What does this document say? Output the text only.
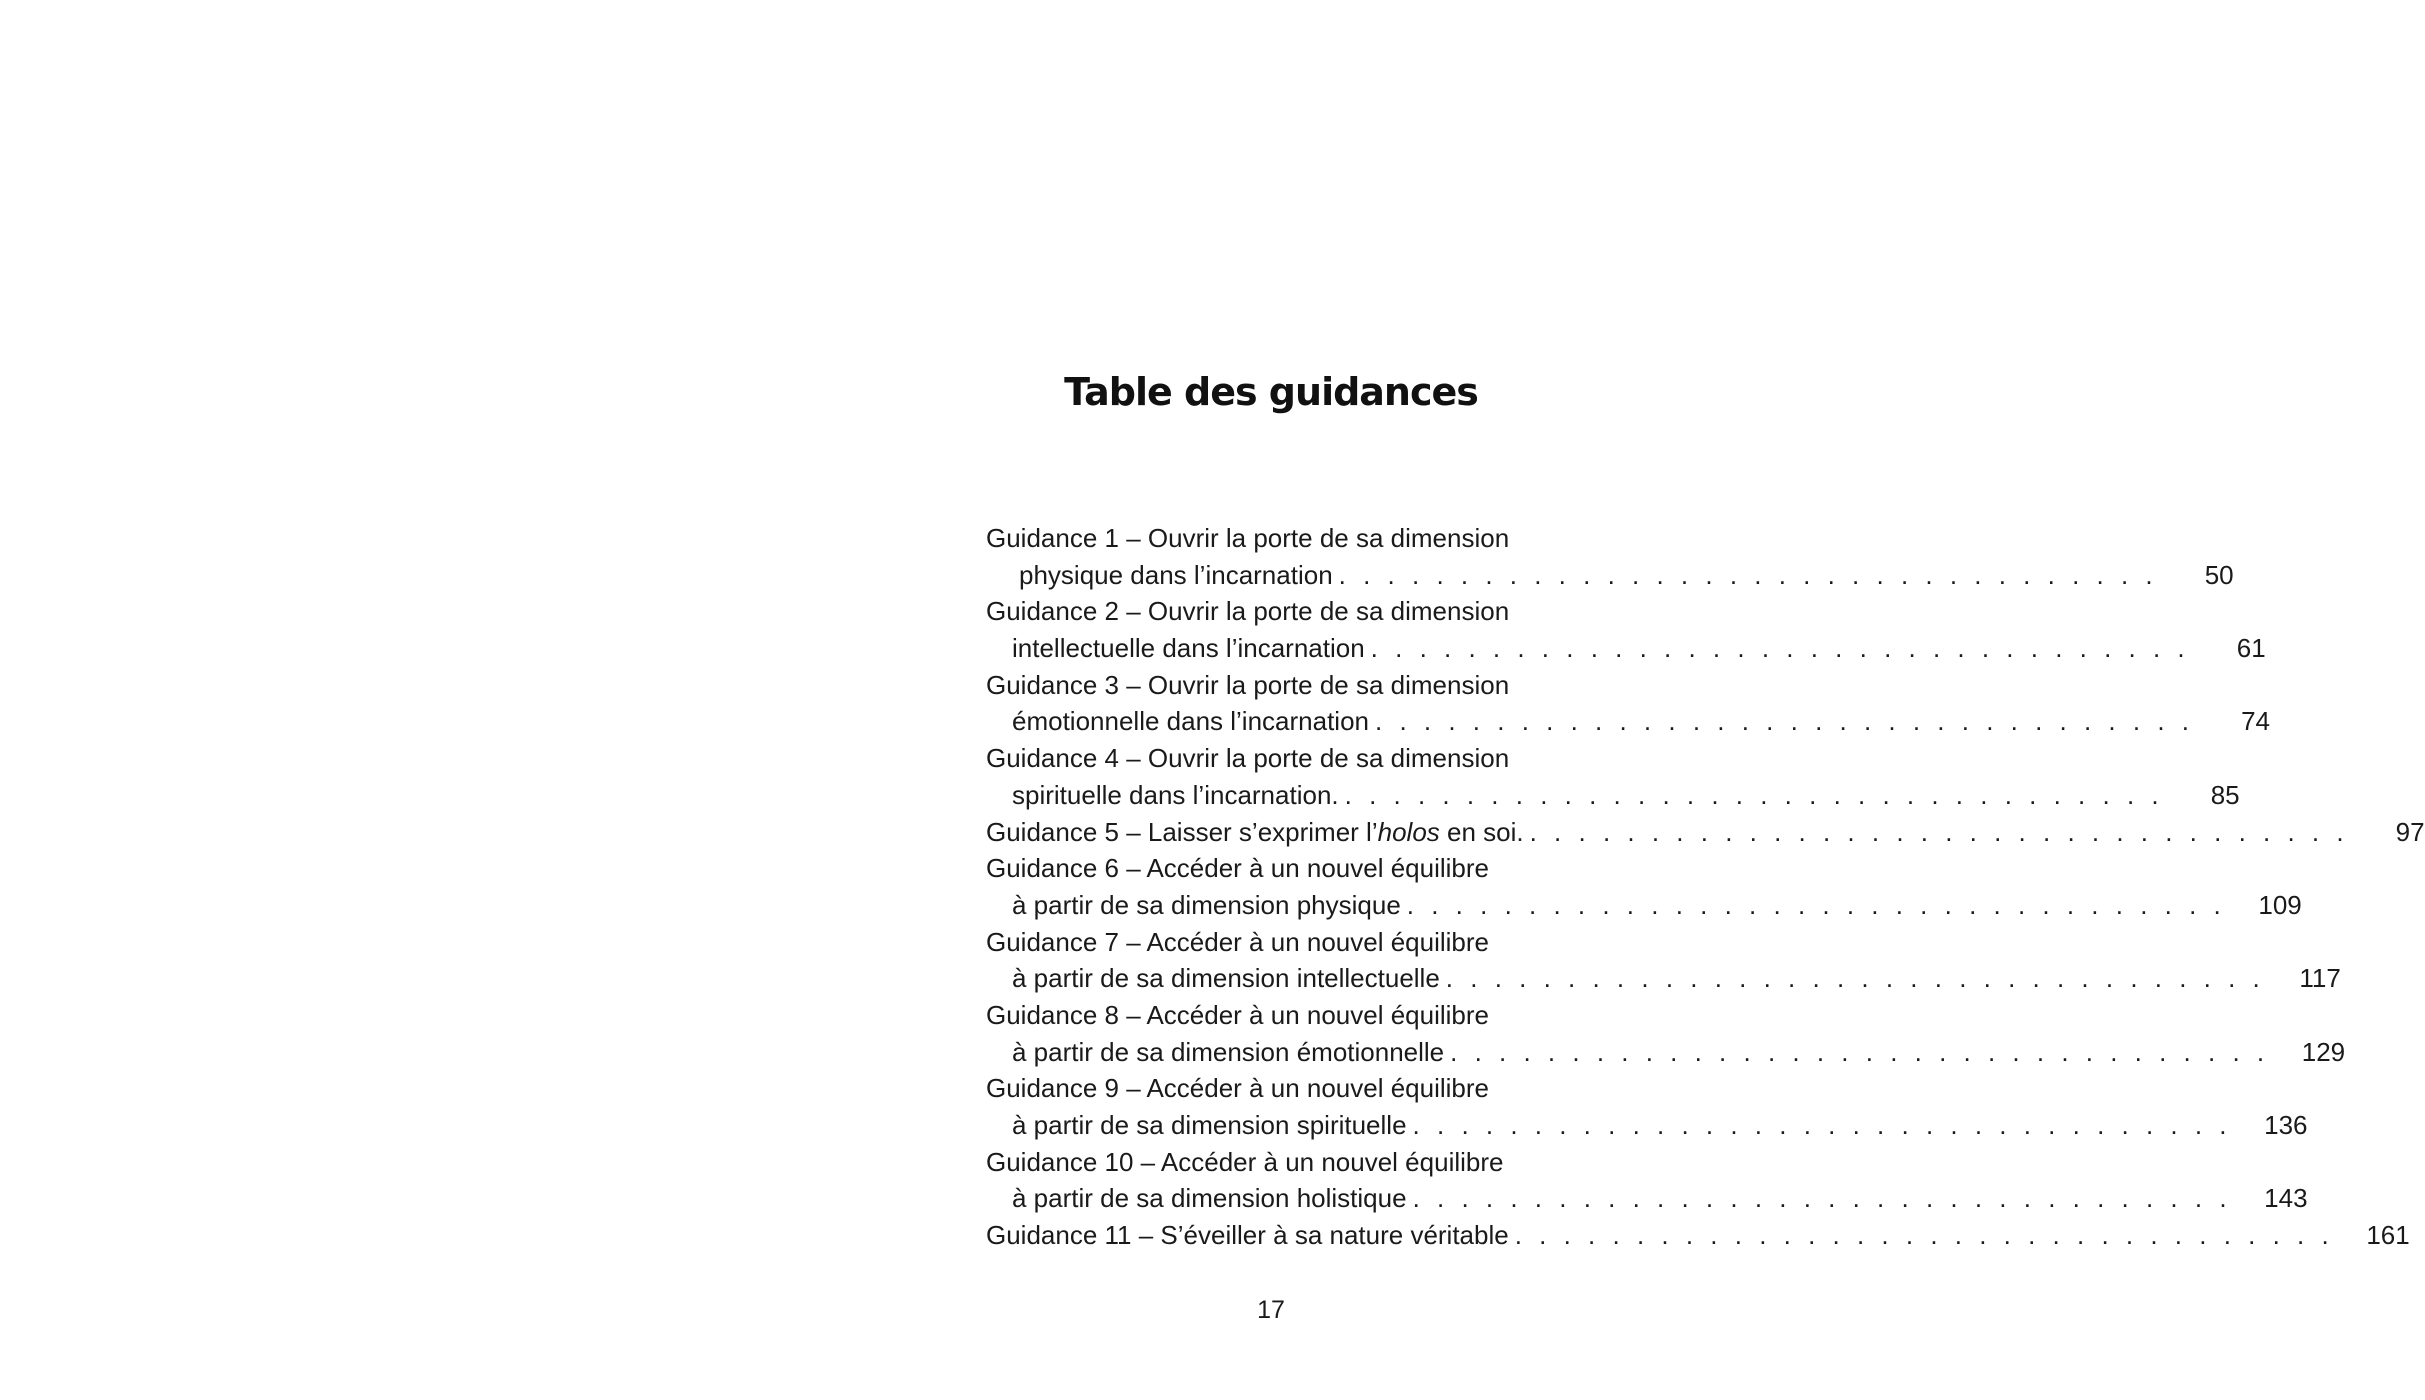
Table des guidances
Guidance 1 – Ouvrir la porte de sa dimension
physique dans l’incarnation . . . . . . . . . . . . . . . . . . . . . . . . . . . . . . . . . .	50
Guidance 2 – Ouvrir la porte de sa dimension
intellectuelle dans l’incarnation . . . . . . . . . . . . . . . . . . . . . . . . . . . . . . . . . .	61
Guidance 3 – Ouvrir la porte de sa dimension
émotionnelle dans l’incarnation . . . . . . . . . . . . . . . . . . . . . . . . . . . . . . . . . .	74
Guidance 4 – Ouvrir la porte de sa dimension
spirituelle dans l’incarnation. . . . . . . . . . . . . . . . . . . . . . . . . . . . . . . . . . .	85
Guidance 5 – Laisser s’exprimer l’holos en soi. . . . . . . . . . . . . . . . . . . . . . . . . . . . . . . . . . .	97
Guidance 6 – Accéder à un nouvel équilibre
à partir de sa dimension physique . . . . . . . . . . . . . . . . . . . . . . . . . . . . . . . . . .	109
Guidance 7 – Accéder à un nouvel équilibre
à partir de sa dimension intellectuelle . . . . . . . . . . . . . . . . . . . . . . . . . . . . . . . . . .	117
Guidance 8 – Accéder à un nouvel équilibre
à partir de sa dimension émotionnelle . . . . . . . . . . . . . . . . . . . . . . . . . . . . . . . . . .	129
Guidance 9 – Accéder à un nouvel équilibre
à partir de sa dimension spirituelle . . . . . . . . . . . . . . . . . . . . . . . . . . . . . . . . . .	136
Guidance 10 – Accéder à un nouvel équilibre
à partir de sa dimension holistique . . . . . . . . . . . . . . . . . . . . . . . . . . . . . . . . . .	143
Guidance 11 – S’éveiller à sa nature véritable . . . . . . . . . . . . . . . . . . . . . . . . . . . . . . . . . .	161
17
